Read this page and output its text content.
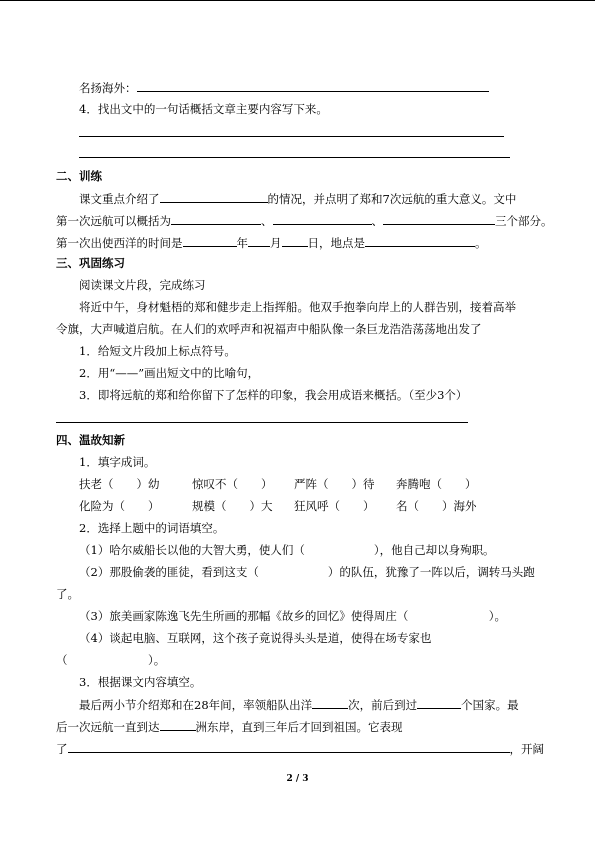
名扬海外：
4．找出文中的一句话概括文章主要内容写下来。
二、训练
课文重点介绍了	的情况，并点明了郑和7次远航的重大意义。文中
第一次远航可以概括为	、	、	三个部分。
第一次出使西洋的时间是	年 月 日，地点是	。
三、巩固练习
阅读课文片段，完成练习
将近中午，身材魁梧的郑和健步走上指挥船。他双手抱拳向岸上的人群告别，接着高举
令旗，大声喊道启航。在人们的欢呼声和祝福声中船队像一条巨龙浩浩荡荡地出发了
1．给短文片段加上标点符号。
2．用“——”画出短文中的比喻句，
3．即将远航的郑和给你留下了怎样的印象，我会用成语来概括。（至少3个）
四、温故知新
1．填字成词。
扶老（　　）幼	惊叹不（　　） 严阵（　　）待 奔腾咆（　　）
化险为（　　）	规模（　　）大 狂风呼（　　） 名（　　）海外
2．选择上题中的词语填空。
（1）哈尔威船长以他的大智大勇，使人们（　　　　　　），他自己却以身殉职。
（2）那股偷袭的匪徒，看到这支（　　　　　　）的队伍，犹豫了一阵以后，调转马头跑
了。
（3）旅美画家陈逸飞先生所画的那幅《故乡的回忆》使得周庄（　　　　　　　）。
（4）谈起电脑、互联网，这个孩子竟说得头头是道，使得在场专家也
（　　　　　　　）。
3．根据课文内容填空。
最后两小节介绍郑和在28年间，率领船队出洋	次，前后到过	个国家。最
后一次远航一直到达	洲东岸，直到三年后才回到祖国。它表现
了	，开阔
2 / 3
